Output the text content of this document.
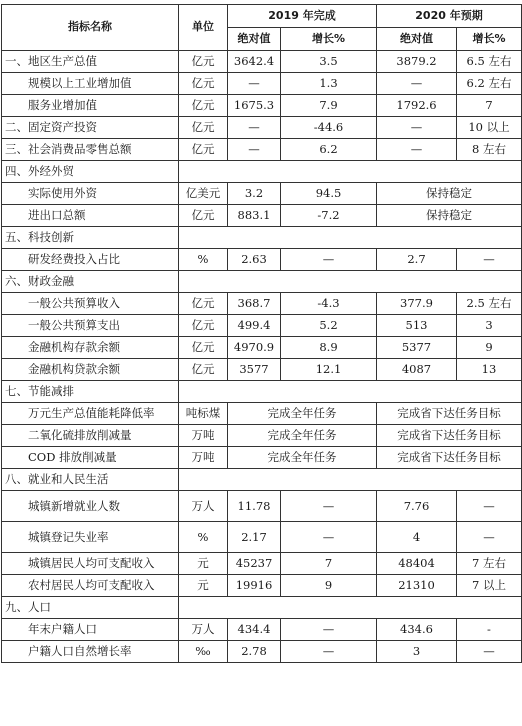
指标名称	单位	2019 年完成		2020 年预期	
		绝对值	增长%	绝对值	增长%
一、地区生产总值	亿元	3642.4	3.5	3879.2	6.5 左右
规模以上工业增加值	亿元	—	1.3	—	6.2 左右
服务业增加值	亿元	1675.3	7.9	1792.6	7
二、固定资产投资	亿元	—	-44.6	—	10 以上
三、社会消费品零售总额	亿元	—	6.2	—	8 左右
四、外经外贸					
实际使用外资	亿美元	3.2	94.5	保持稳定	
进出口总额	亿元	883.1	-7.2	保持稳定	
五、科技创新					
研发经费投入占比	%	2.63	—	2.7	—
六、财政金融					
一般公共预算收入	亿元	368.7	-4.3	377.9	2.5 左右
一般公共预算支出	亿元	499.4	5.2	513	3
金融机构存款余额	亿元	4970.9	8.9	5377	9
金融机构贷款余额	亿元	3577	12.1	4087	13
七、节能减排					
万元生产总值能耗降低率	吨标煤	完成全年任务		完成省下达任务目标	
二氧化硫排放削减量	万吨	完成全年任务		完成省下达任务目标	
COD 排放削减量	万吨	完成全年任务		完成省下达任务目标	
八、就业和人民生活					
城镇新增就业人数	万人	11.78	—	7.76	—
城镇登记失业率	%	2.17	—	4	—
城镇居民人均可支配收入	元	45237	7	48404	7 左右
农村居民人均可支配收入	元	19916	9	21310	7 以上
九、人口					
年末户籍人口	万人	434.4	—	434.6	-
户籍人口自然增长率	‰	2.78	—	3	—
